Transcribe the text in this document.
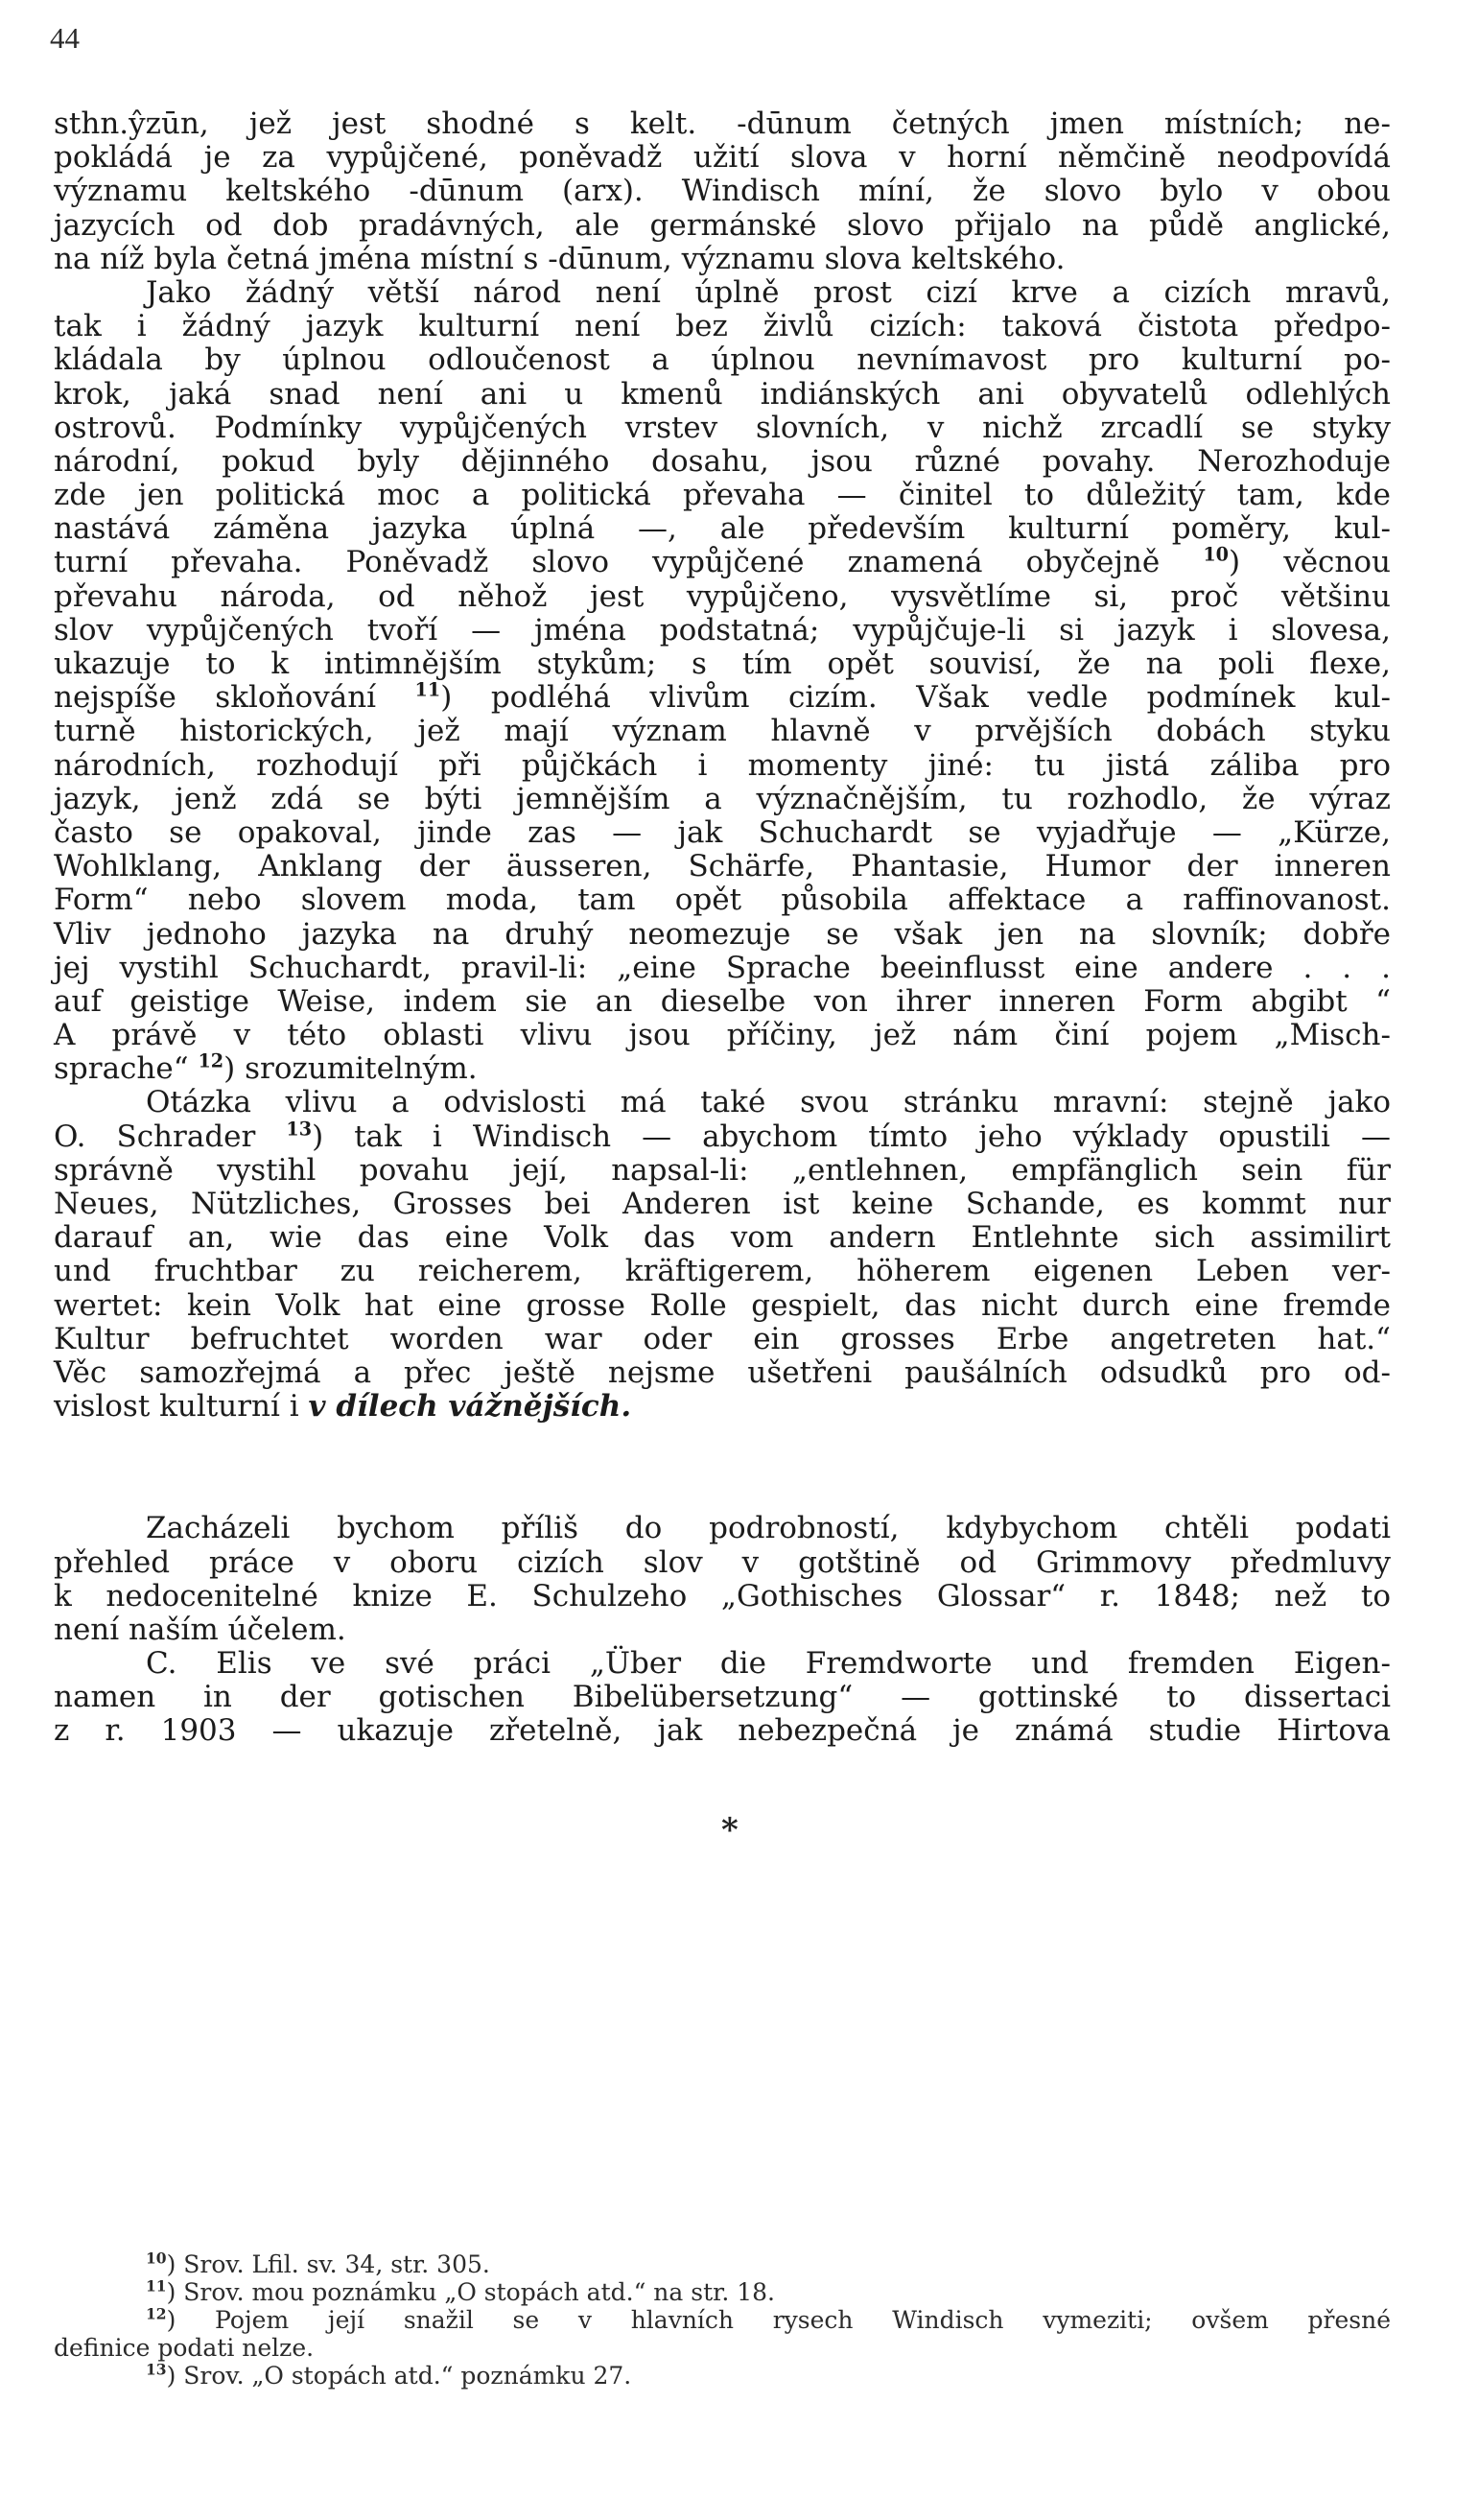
44
sthn.ŷzūn, jež jest shodné s kelt. -dūnum četných jmen místních; ne-
pokládá je za vypůjčené, poněvadž užití slova v horní němčině neodpovídá
významu keltského -dūnum (arx). Windisch míní, že slovo bylo v obou
jazycích od dob pradávných, ale germánské slovo přijalo na půdě anglické,
na níž byla četná jména místní s -dūnum, významu slova keltského.
Jako žádný větší národ není úplně prost cizí krve a cizích mravů,
tak i žádný jazyk kulturní není bez živlů cizích: taková čistota předpo-
kládala by úplnou odloučenost a úplnou nevnímavost pro kulturní po-
krok, jaká snad není ani u kmenů indiánských ani obyvatelů odlehlých
ostrovů. Podmínky vypůjčených vrstev slovních, v nichž zrcadlí se styky
národní, pokud byly dějinného dosahu, jsou různé povahy. Nerozhoduje
zde jen politická moc a politická převaha — činitel to důležitý tam, kde
nastává záměna jazyka úplná —, ale především kulturní poměry, kul-
turní převaha. Poněvadž slovo vypůjčené znamená obyčejně $^{10}$) věcnou
převahu národa, od něhož jest vypůjčeno, vysvětlíme si, proč většinu
slov vypůjčených tvoří — jména podstatná; vypůjčuje-li si jazyk i slovesa,
ukazuje to k intimnějším stykům; s tím opět souvisí, že na poli flexe,
nejspíše skloňování $^{11}$) podléhá vlivům cizím. Však vedle podmínek kul-
turně historických, jež mají význam hlavně v prvějších dobách styku
národních, rozhodují při půjčkách i momenty jiné: tu jistá záliba pro
jazyk, jenž zdá se býti jemnějším a význačnějším, tu rozhodlo, že výraz
často se opakoval, jinde zas — jak Schuchardt se vyjadřuje — „Kürze,
Wohlklang, Anklang der äusseren, Schärfe, Phantasie, Humor der inneren
Form“ nebo slovem moda, tam opět působila affektace a raffinovanost.
Vliv jednoho jazyka na druhý neomezuje se však jen na slovník; dobře
jej vystihl Schuchardt, pravil-li: „eine Sprache beeinflusst eine andere . . .
auf geistige Weise, indem sie an dieselbe von ihrer inneren Form abgibt “
A právě v této oblasti vlivu jsou příčiny, jež nám činí pojem „Misch-
sprache“ $^{12}$) srozumitelným.
Otázka vlivu a odvislosti má také svou stránku mravní: stejně jako
O. Schrader $^{13}$) tak i Windisch — abychom tímto jeho výklady opustili —
správně vystihl povahu její, napsal-li: „entlehnen, empfänglich sein für
Neues, Nützliches, Grosses bei Anderen ist keine Schande, es kommt nur
darauf an, wie das eine Volk das vom andern Entlehnte sich assimilirt
und fruchtbar zu reicherem, kräftigerem, höherem eigenen Leben ver-
wertet: kein Volk hat eine grosse Rolle gespielt, das nicht durch eine fremde
Kultur befruchtet worden war oder ein grosses Erbe angetreten hat.“
Věc samozřejmá a přec ještě nejsme ušetřeni paušálních odsudků pro od-
vislost kulturní i v dílech vážnějších.
Zacházeli bychom příliš do podrobností, kdybychom chtěli podati
přehled práce v oboru cizích slov v gotštině od Grimmovy předmluvy
k nedocenitelné knize E. Schulzeho „Gothisches Glossar“ r. 1848; než to
není naším účelem.
C. Elis ve své práci „Über die Fremdworte und fremden Eigen-
namen in der gotischen Bibelübersetzung“ — gottinské to dissertaci
z r. 1903 — ukazuje zřetelně, jak nebezpečná je známá studie Hirtova
*
$^{10}$) Srov. Lfil. sv. 34, str. 305.
$^{11}$) Srov. mou poznámku „O stopách atd.“ na str. 18.
$^{12}$) Pojem její snažil se v hlavních rysech Windisch vymeziti; ovšem přesné
definice podati nelze.
$^{13}$) Srov. „O stopách atd.“ poznámku 27.
